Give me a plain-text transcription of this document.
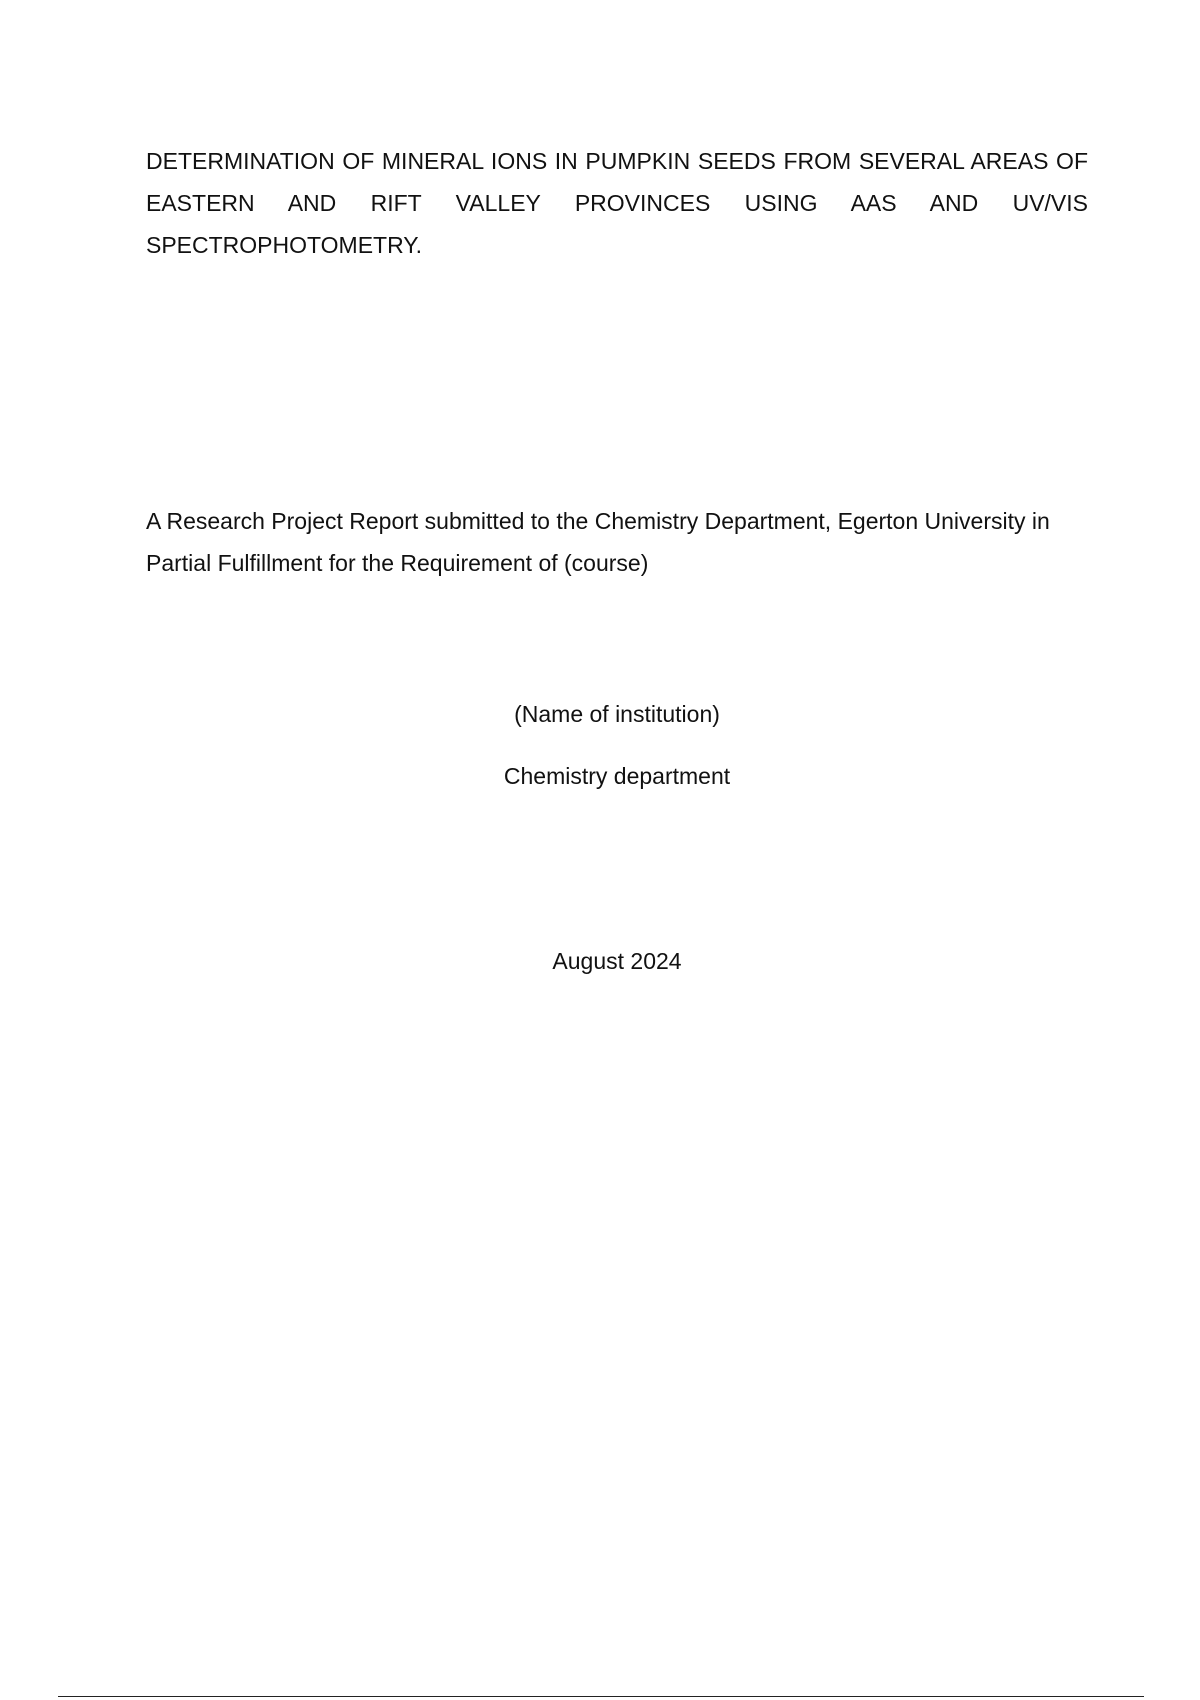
DETERMINATION OF MINERAL IONS IN PUMPKIN SEEDS FROM SEVERAL AREAS OF EASTERN AND RIFT VALLEY PROVINCES USING AAS AND UV/VIS SPECTROPHOTOMETRY.
A Research Project Report submitted to the Chemistry Department, Egerton University in Partial Fulfillment for the Requirement of (course)
(Name of institution)
Chemistry department
August 2024
